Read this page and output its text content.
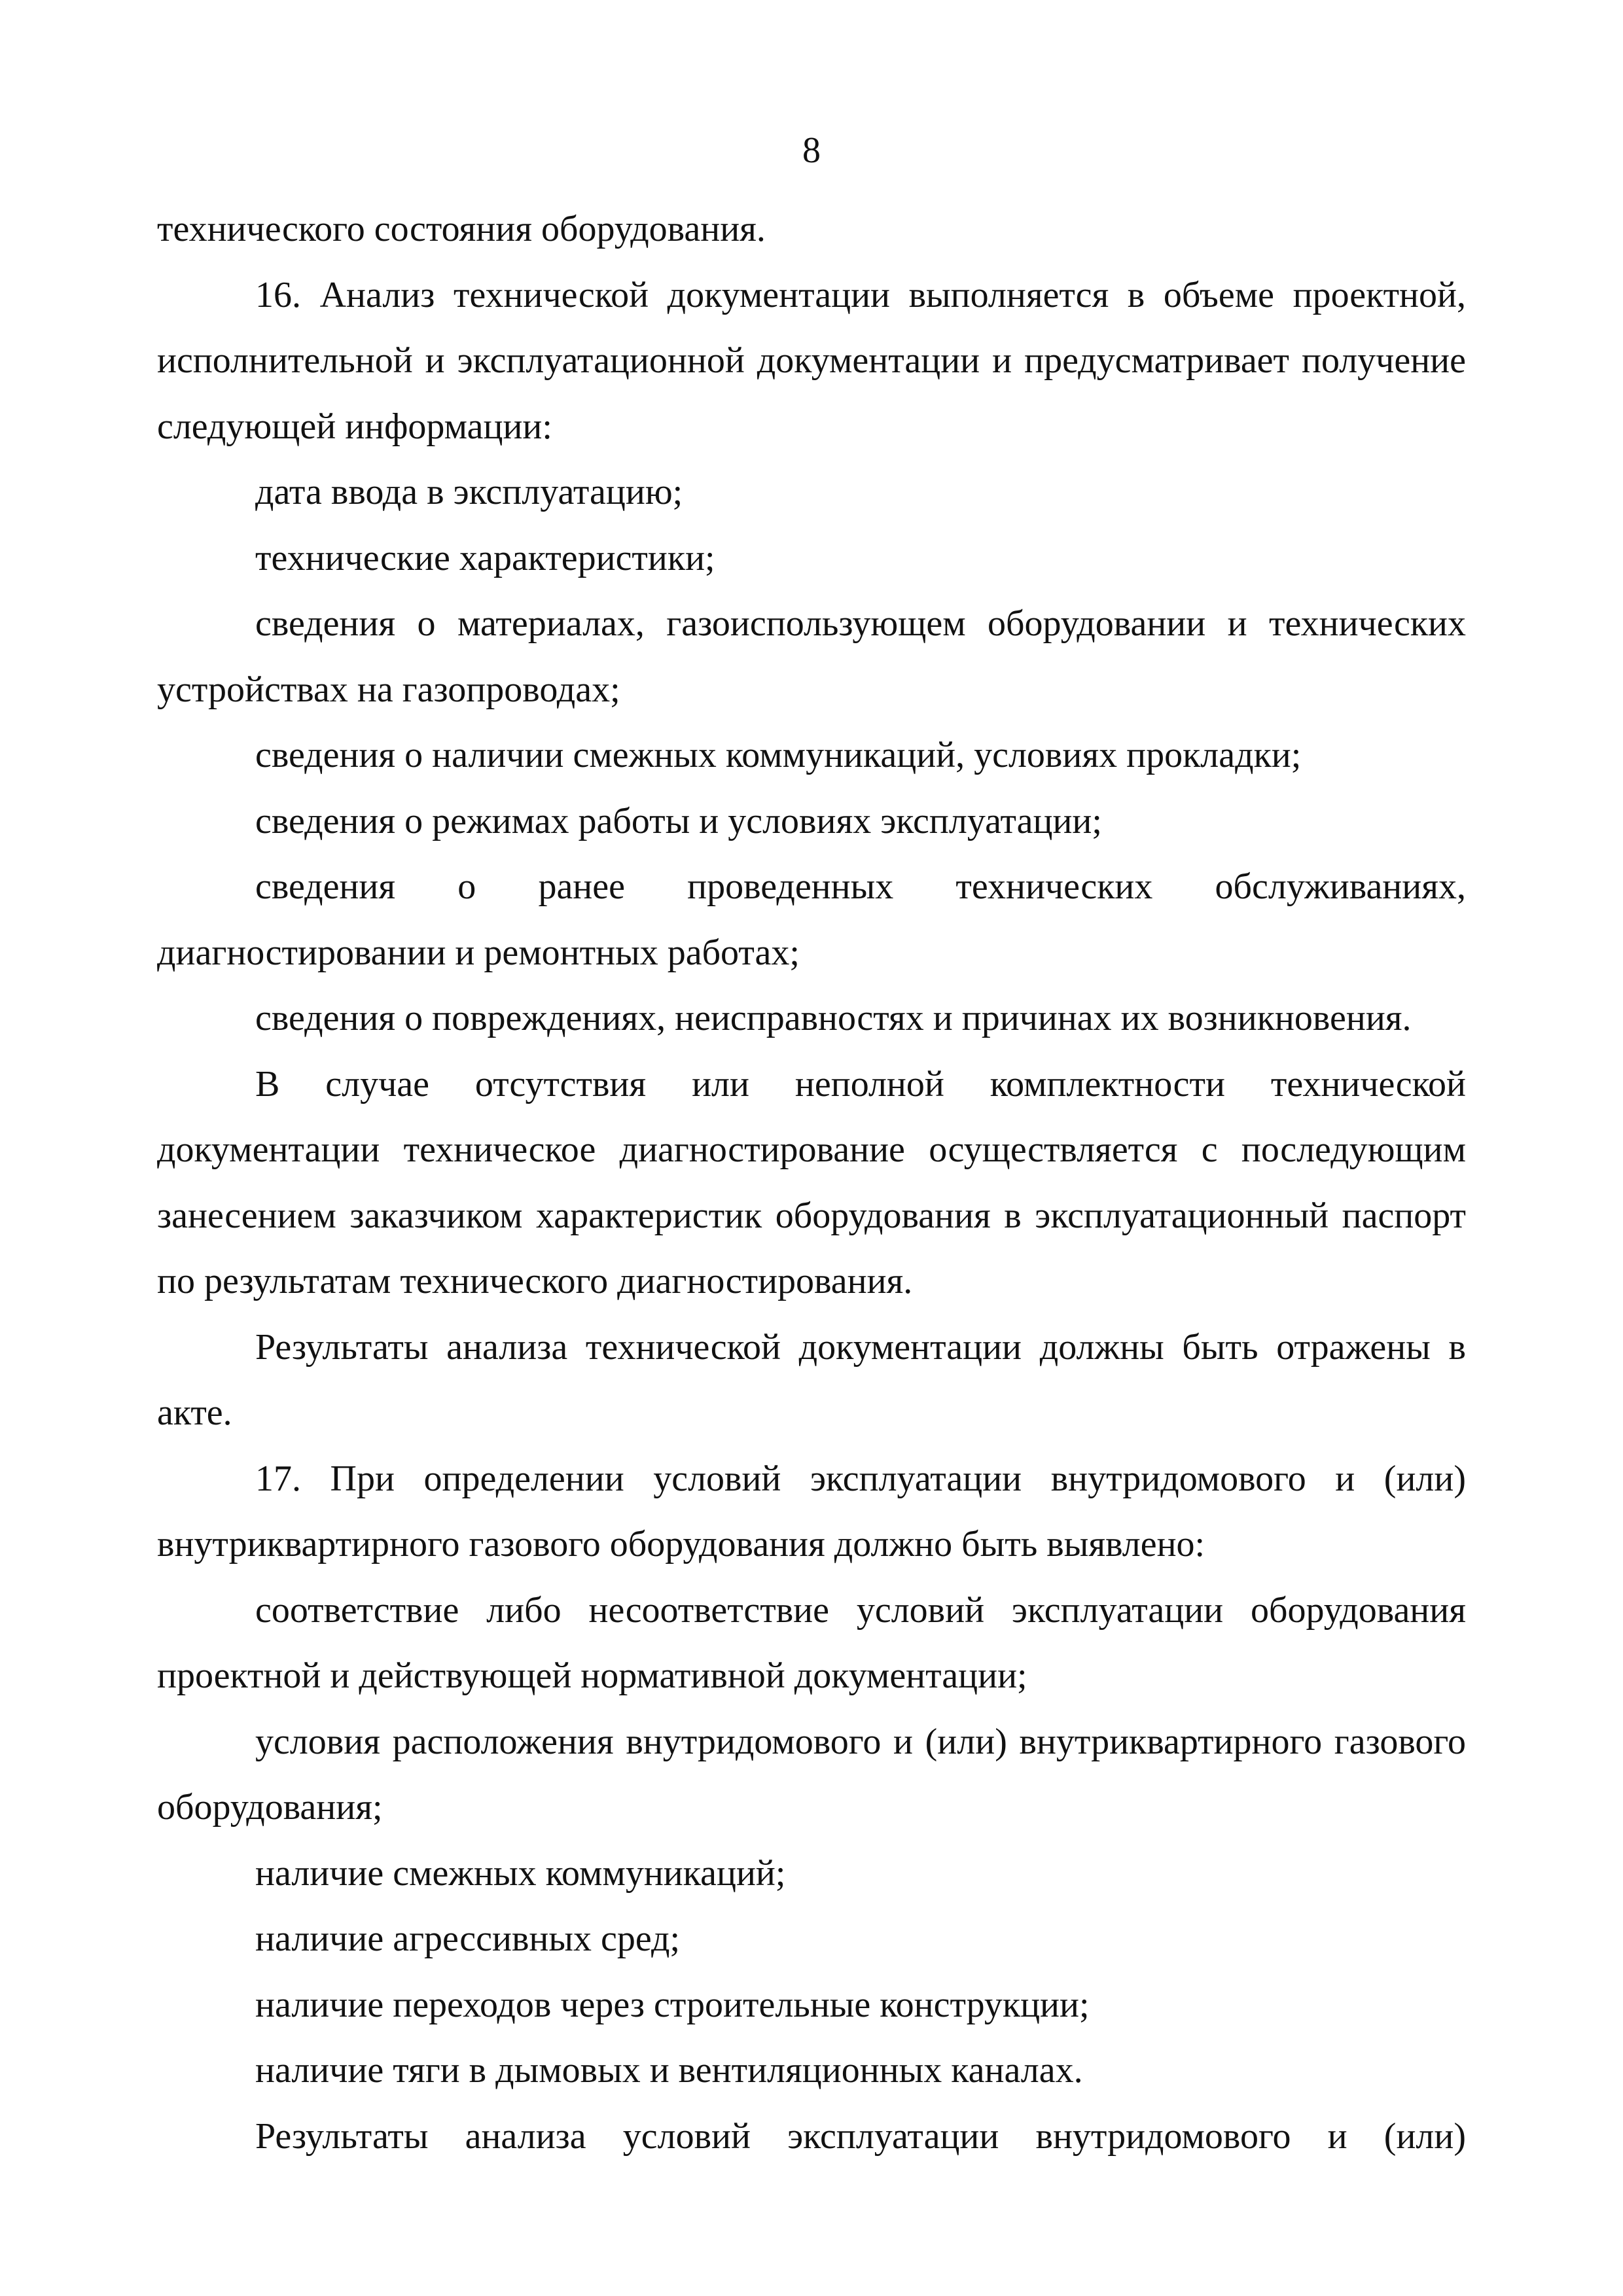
8

технического состояния оборудования.

16. Анализ технической документации выполняется в объеме проектной, исполнительной и эксплуатационной документации и предусматривает получение следующей информации:

дата ввода в эксплуатацию;

технические характеристики;

сведения о материалах, газоиспользующем оборудовании и технических устройствах на газопроводах;

сведения о наличии смежных коммуникаций, условиях прокладки;

сведения о режимах работы и условиях эксплуатации;

сведения о ранее проведенных технических обслуживаниях, диагностировании и ремонтных работах;

сведения о повреждениях, неисправностях и причинах их возникновения.

В случае отсутствия или неполной комплектности технической документации техническое диагностирование осуществляется с последующим занесением заказчиком характеристик оборудования в эксплуатационный паспорт по результатам технического диагностирования.

Результаты анализа технической документации должны быть отражены в акте.

17. При определении условий эксплуатации внутридомового и (или) внутриквартирного газового оборудования должно быть выявлено:

соответствие либо несоответствие условий эксплуатации оборудования проектной и действующей нормативной документации;

условия расположения внутридомового и (или) внутриквартирного газового оборудования;

наличие смежных коммуникаций;

наличие агрессивных сред;

наличие переходов через строительные конструкции;

наличие тяги в дымовых и вентиляционных каналах.

Результаты анализа условий эксплуатации внутридомового и (или)
